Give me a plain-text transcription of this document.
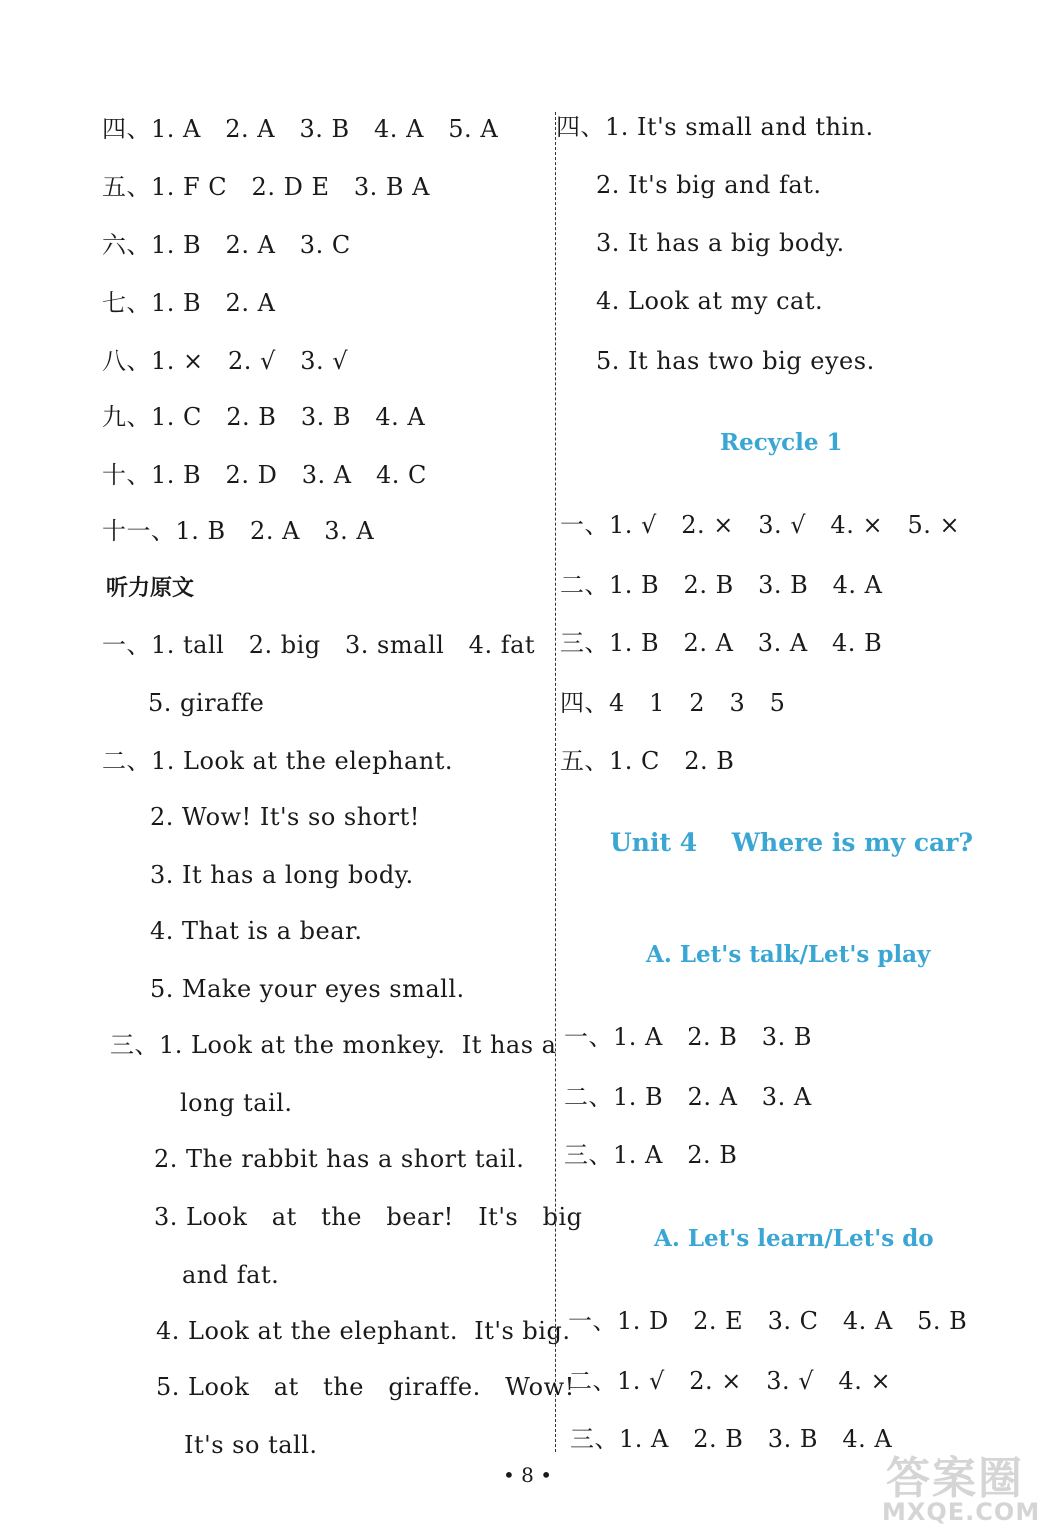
四、1. A   2. A   3. B   4. A   5. A
五、1. F C   2. D E   3. B A
六、1. B   2. A   3. C
七、1. B   2. A
八、1. ×   2. √   3. √
九、1. C   2. B   3. B   4. A
十、1. B   2. D   3. A   4. C
十一、1. B   2. A   3. A
一、1. tall   2. big   3. small   4. fat
5. giraffe
二、1. Look at the elephant.
2. Wow! It's so short!
3. It has a long body.
4. That is a bear.
5. Make your eyes small.
三、1. Look at the monkey.  It has a
long tail.
2. The rabbit has a short tail.
3. Look   at   the   bear!   It's   big
and fat.
4. Look at the elephant.  It's big.
5. Look   at   the   giraffe.   Wow!
It's so tall.
听力原文
四、1. It's small and thin.
2. It's big and fat.
3. It has a big body.
4. Look at my cat.
5. It has two big eyes.
一、1. √   2. ×   3. √   4. ×   5. ×
二、1. B   2. B   3. B   4. A
三、1. B   2. A   3. A   4. B
四、4   1   2   3   5
五、1. C   2. B
一、1. A   2. B   3. B
二、1. B   2. A   3. A
三、1. A   2. B
一、1. D   2. E   3. C   4. A   5. B
二、1. √   2. ×   3. √   4. ×
三、1. A   2. B   3. B   4. A
Recycle 1
Unit 4    Where is my car?
A. Let's talk/Let's play
A. Let's learn/Let's do
• 8 •	答案圈
MXQE.COM
